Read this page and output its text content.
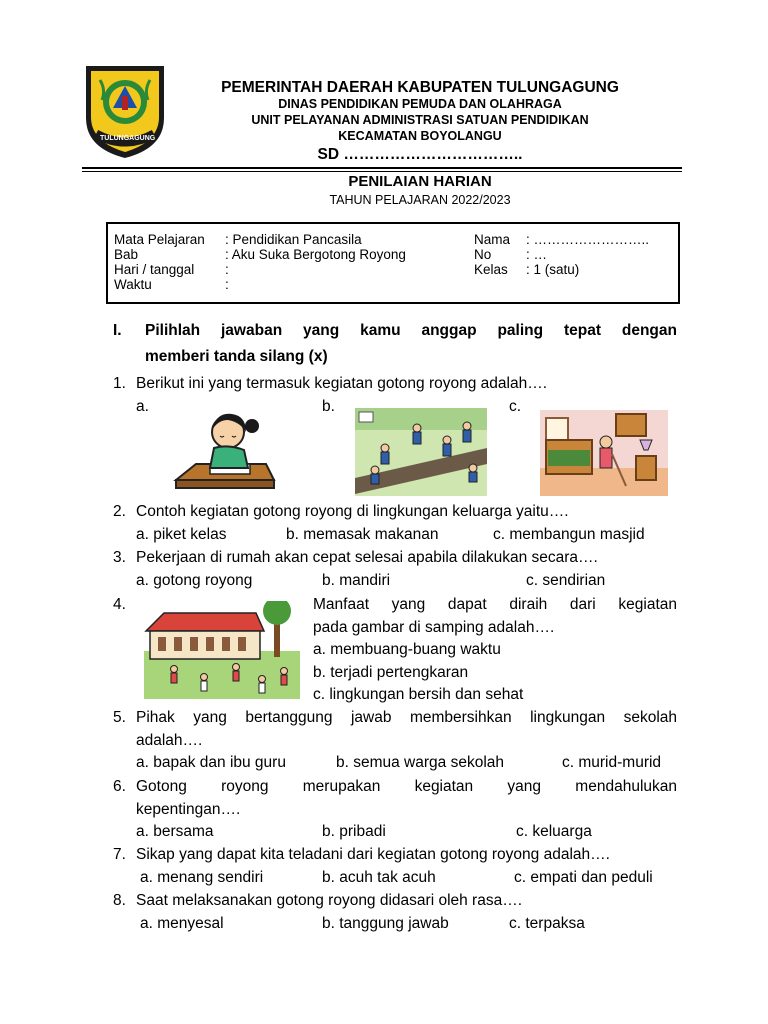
TULUNGAGUNG
PEMERINTAH DAERAH KABUPATEN TULUNGAGUNG
DINAS PENDIDIKAN PEMUDA DAN OLAHRAGA
UNIT PELAYANAN ADMINISTRASI SATUAN PENDIDIKAN
KECAMATAN BOYOLANGU
SD ……………………………..
PENILAIAN HARIAN
TAHUN PELAJARAN 2022/2023
Mata Pelajaran : Pendidikan Pancasila
Bab	: Aku Suka Bergotong Royong
Hari / tanggal :
Waktu	:
Nama : ……………………..
No	: …
Kelas : 1 (satu)
I. Pilihlah jawaban yang kamu anggap paling tepat dengan
memberi tanda silang (x)
1. Berikut ini yang termasuk kegiatan gotong royong adalah….
a.	b.	c.
2. Contoh kegiatan gotong royong di lingkungan keluarga yaitu….
a. piket kelas	b. memasak makanan	c. membangun masjid
3. Pekerjaan di rumah akan cepat selesai apabila dilakukan secara….
a. gotong royong	b. mandiri	c. sendirian
4.	Manfaat yang dapat diraih dari kegiatan
pada gambar di samping adalah….
a. membuang-buang waktu
b. terjadi pertengkaran
c. lingkungan bersih dan sehat
5. Pihak yang bertanggung jawab membersihkan lingkungan sekolah
adalah….
a. bapak dan ibu guru	b. semua warga sekolah	c. murid-murid
6. Gotong royong merupakan kegiatan yang mendahulukan
kepentingan….
a. bersama	b. pribadi	c. keluarga
7. Sikap yang dapat kita teladani dari kegiatan gotong royong adalah….
a. menang sendiri	b. acuh tak acuh	c. empati dan peduli
8. Saat melaksanakan gotong royong didasari oleh rasa….
a. menyesal	b. tanggung jawab	c. terpaksa
